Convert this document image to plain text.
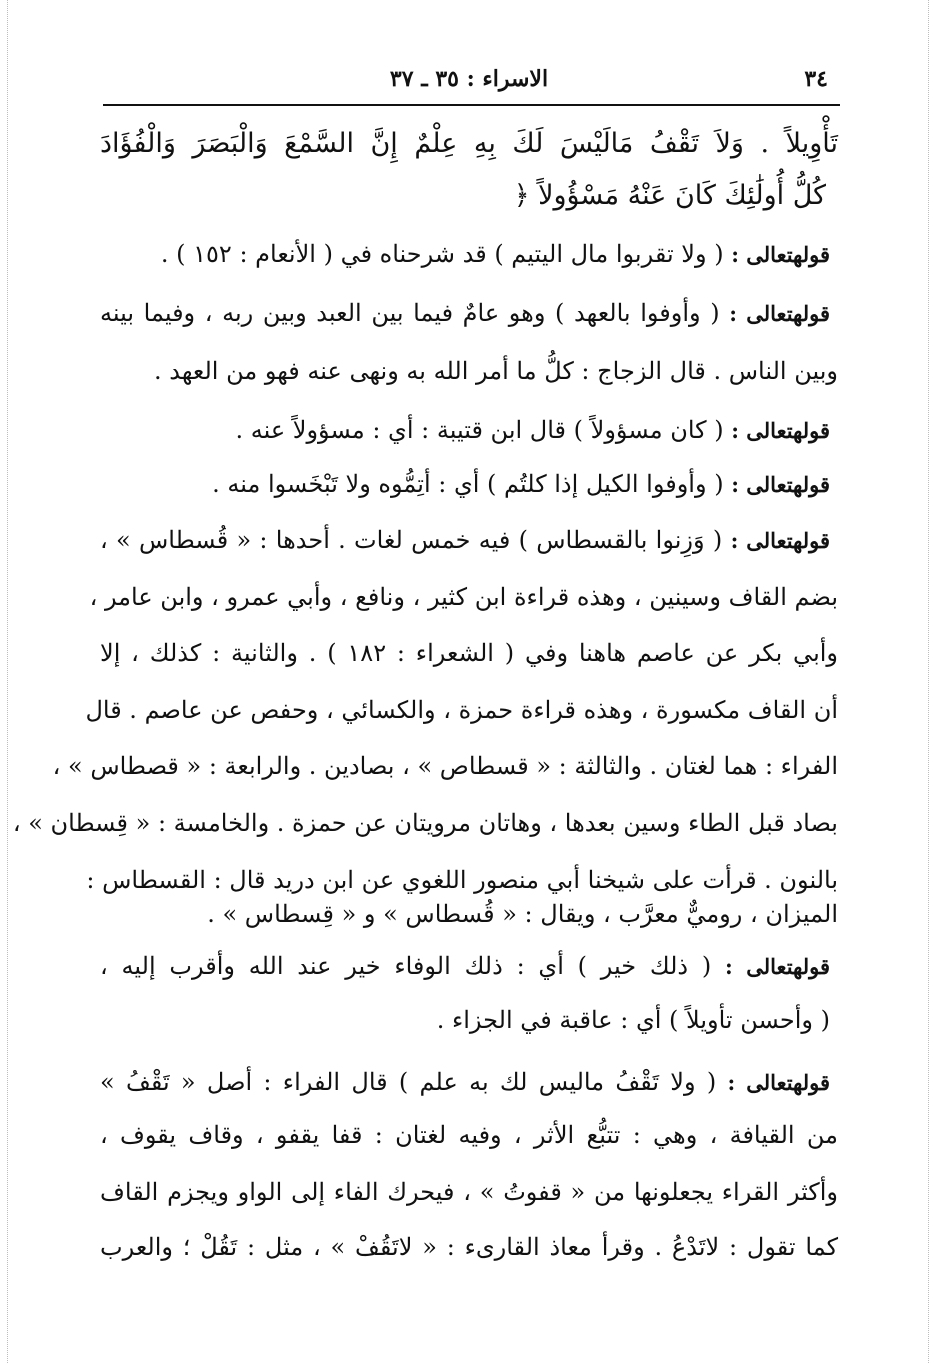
٣٤
الاسراء : ٣٥ ـ ٣٧
تَأْوِيلاً . وَلاَ تَقْفُ مَالَيْسَ لَكَ بِهِ عِلْمٌ إِنَّ السَّمْعَ وَالْبَصَرَ وَالْفُؤَادَ
كُلُّ أُولَٰئِكَ كَانَ عَنْهُ مَسْؤُولاً ﴿
قولهتعالى : ( ولا تقربوا مال اليتيم ) قد شرحناه في ( الأنعام : ١٥٢ ) .
قولهتعالى : ( وأوفوا بالعهد ) وهو عامٌ فيما بين العبد وبين ربه ، وفيما بينه
وبين الناس . قال الزجاج : كلُّ ما أمر الله به ونهى عنه فهو من العهد .
قولهتعالى : ( كان مسؤولاً ) قال ابن قتيبة : أي : مسؤولاً عنه .
قولهتعالى : ( وأوفوا الكيل إذا كلتُم ) أي : أتِمُّوه ولا تَبْخَسوا منه .
قولهتعالى : ( وَزِنوا بالقسطاس ) فيه خمس لغات . أحدها : « قُسطاس » ،
بضم القاف وسينين ، وهذه قراءة ابن كثير ، ونافع ، وأبي عمرو ، وابن عامر ،
وأبي بكر عن عاصم هاهنا وفي ( الشعراء : ١٨٢ ) . والثانية : كذلك ، إلا
أن القاف مكسورة ، وهذه قراءة حمزة ، والكسائي ، وحفص عن عاصم . قال
الفراء : هما لغتان . والثالثة : « قسطاص » ، بصادين . والرابعة : « قصطاس » ،
بصاد قبل الطاء وسين بعدها ، وهاتان مرويتان عن حمزة . والخامسة : « قِسطان » ،
بالنون . قرأت على شيخنا أبي منصور اللغوي عن ابن دريد قال : القسطاس :
الميزان ، روميٌّ معرَّب ، ويقال : « قُسطاس » و « قِسطاس » .
قولهتعالى : ( ذلك خير ) أي : ذلك الوفاء خير عند الله وأقرب إليه ،
( وأحسن تأويلاً ) أي : عاقبة في الجزاء .
قولهتعالى : ( ولا تَقْفُ ماليس لك به علم ) قال الفراء : أصل « تَقْفُ »
من القيافة ، وهي : تتبُّع الأثر ، وفيه لغتان : قفا يقفو ، وقاف يقوف ،
وأكثر القراء يجعلونها من « قفوتُ » ، فيحرك الفاء إلى الواو ويجزم القاف
كما تقول : لاتَدْعُ . وقرأ معاذ القارىء : « لاتَقُفْ » ، مثل : تَقُلْ ؛ والعرب
